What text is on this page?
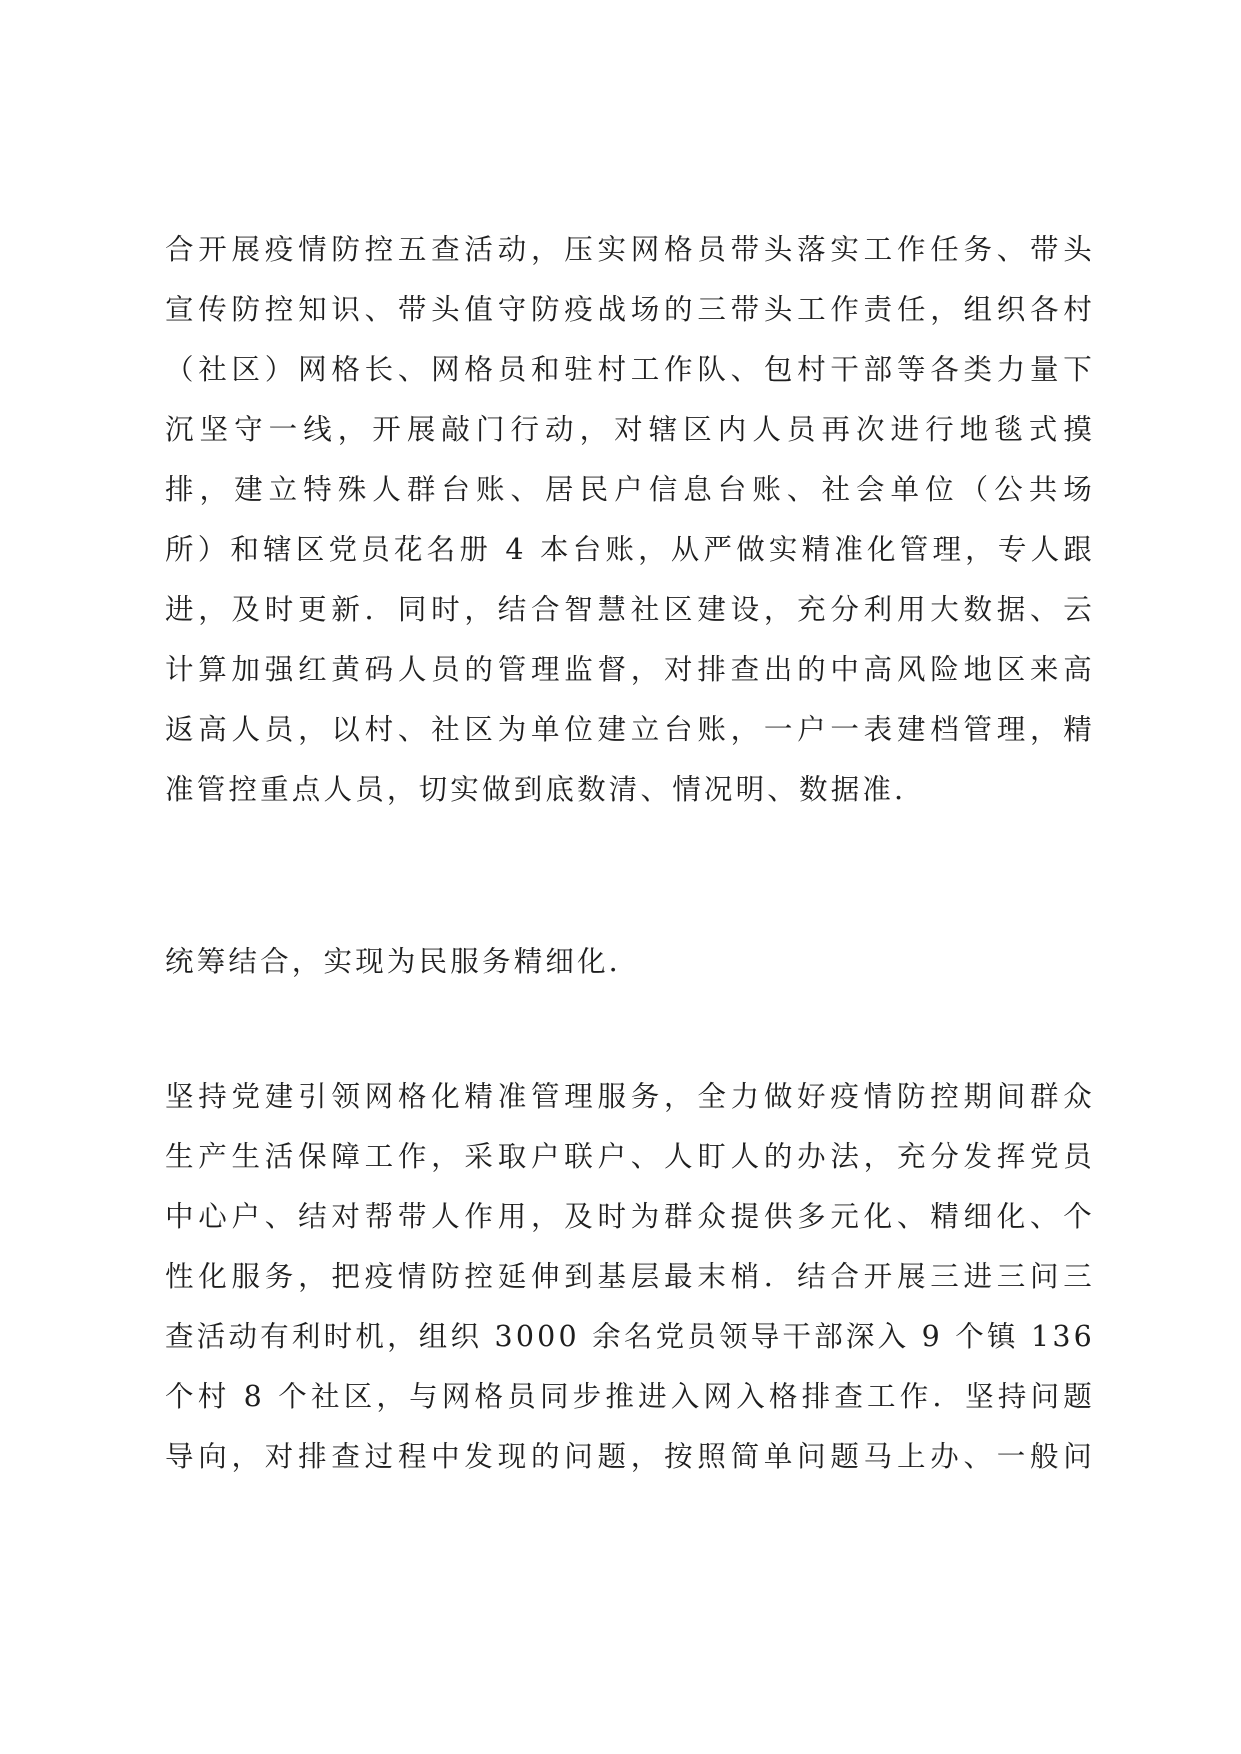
合开展疫情防控五查活动，压实网格员带头落实工作任务、带头
宣传防控知识、带头值守防疫战场的三带头工作责任，组织各村
（社区）网格长、网格员和驻村工作队、包村干部等各类力量下
沉坚守一线，开展敲门行动，对辖区内人员再次进行地毯式摸
排，建立特殊人群台账、居民户信息台账、社会单位（公共场
所）和辖区党员花名册 4 本台账，从严做实精准化管理，专人跟
进，及时更新．同时，结合智慧社区建设，充分利用大数据、云
计算加强红黄码人员的管理监督，对排查出的中高风险地区来高
返高人员，以村、社区为单位建立台账，一户一表建档管理，精
准管控重点人员，切实做到底数清、情况明、数据准．
统筹结合，实现为民服务精细化．
坚持党建引领网格化精准管理服务，全力做好疫情防控期间群众
生产生活保障工作，采取户联户、人盯人的办法，充分发挥党员
中心户、结对帮带人作用，及时为群众提供多元化、精细化、个
性化服务，把疫情防控延伸到基层最末梢．结合开展三进三问三
查活动有利时机，组织 3000 余名党员领导干部深入 9 个镇 136
个村 8 个社区，与网格员同步推进入网入格排查工作．坚持问题
导向，对排查过程中发现的问题，按照简单问题马上办、一般问
